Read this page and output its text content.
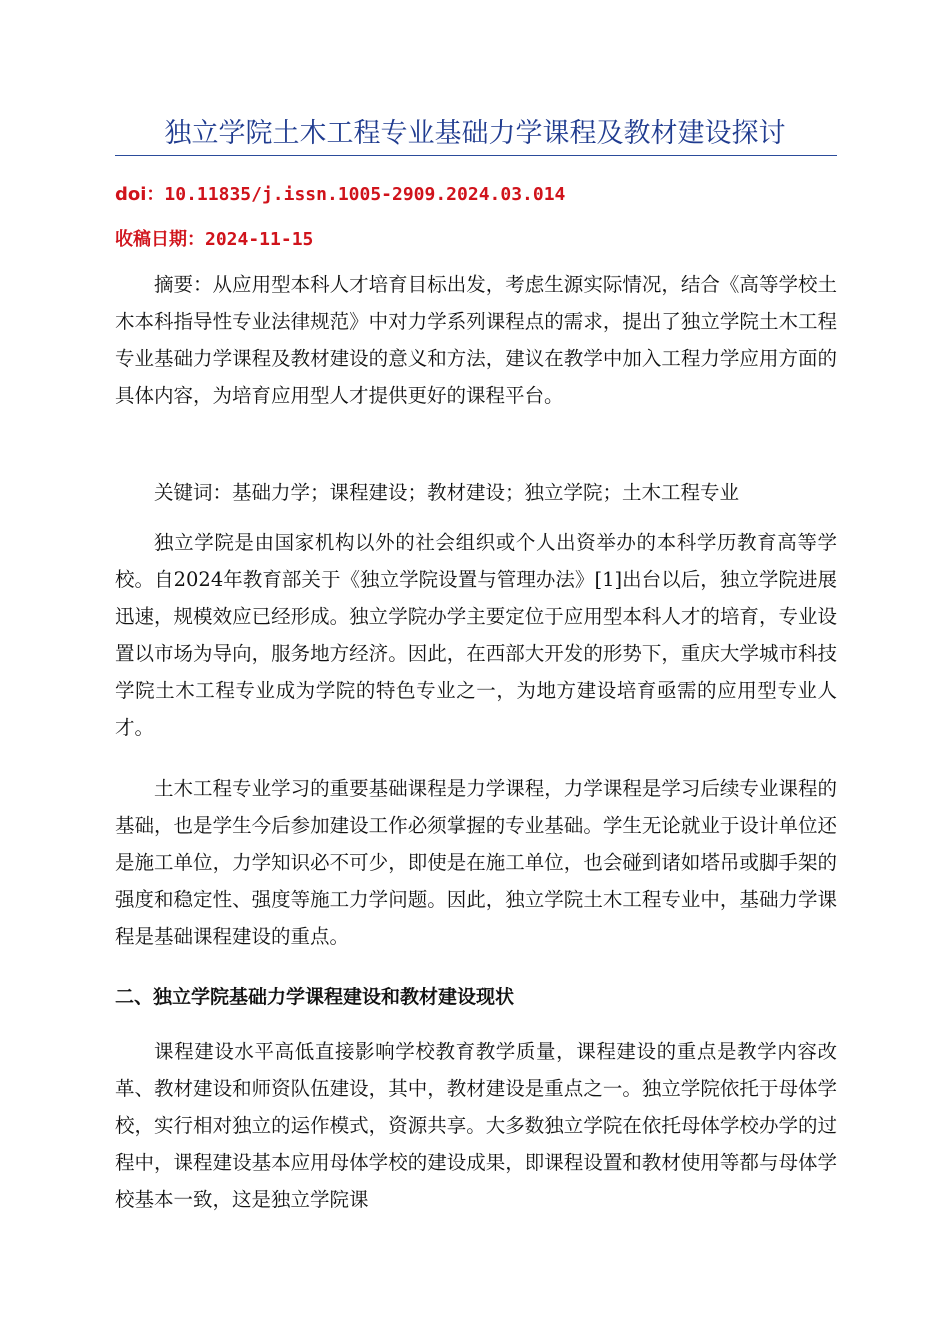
独立学院土木工程专业基础力学课程及教材建设探讨
doi：10.11835/j.issn.1005-2909.2024.03.014
收稿日期：2024-11-15

摘要：从应用型本科人才培育目标出发，考虑生源实际情况，结合《高等学校土木本科指导性专业法律规范》中对力学系列课程点的需求，提出了独立学院土木工程专业基础力学课程及教材建设的意义和方法，建议在教学中加入工程力学应用方面的具体内容，为培育应用型人才提供更好的课程平台。

关键词：基础力学；课程建设；教材建设；独立学院；土木工程专业

独立学院是由国家机构以外的社会组织或个人出资举办的本科学历教育高等学校。自2024年教育部关于《独立学院设置与管理办法》[1]出台以后，独立学院进展迅速，规模效应已经形成。独立学院办学主要定位于应用型本科人才的培育，专业设置以市场为导向，服务地方经济。因此，在西部大开发的形势下，重庆大学城市科技学院土木工程专业成为学院的特色专业之一，为地方建设培育亟需的应用型专业人才。

土木工程专业学习的重要基础课程是力学课程，力学课程是学习后续专业课程的基础，也是学生今后参加建设工作必须掌握的专业基础。学生无论就业于设计单位还是施工单位，力学知识必不可少，即使是在施工单位，也会碰到诸如塔吊或脚手架的强度和稳定性、强度等施工力学问题。因此，独立学院土木工程专业中，基础力学课程是基础课程建设的重点。

二、独立学院基础力学课程建设和教材建设现状

课程建设水平高低直接影响学校教育教学质量，课程建设的重点是教学内容改革、教材建设和师资队伍建设，其中，教材建设是重点之一。独立学院依托于母体学校，实行相对独立的运作模式，资源共享。大多数独立学院在依托母体学校办学的过程中，课程建设基本应用母体学校的建设成果，即课程设置和教材使用等都与母体学校基本一致，这是独立学院课
